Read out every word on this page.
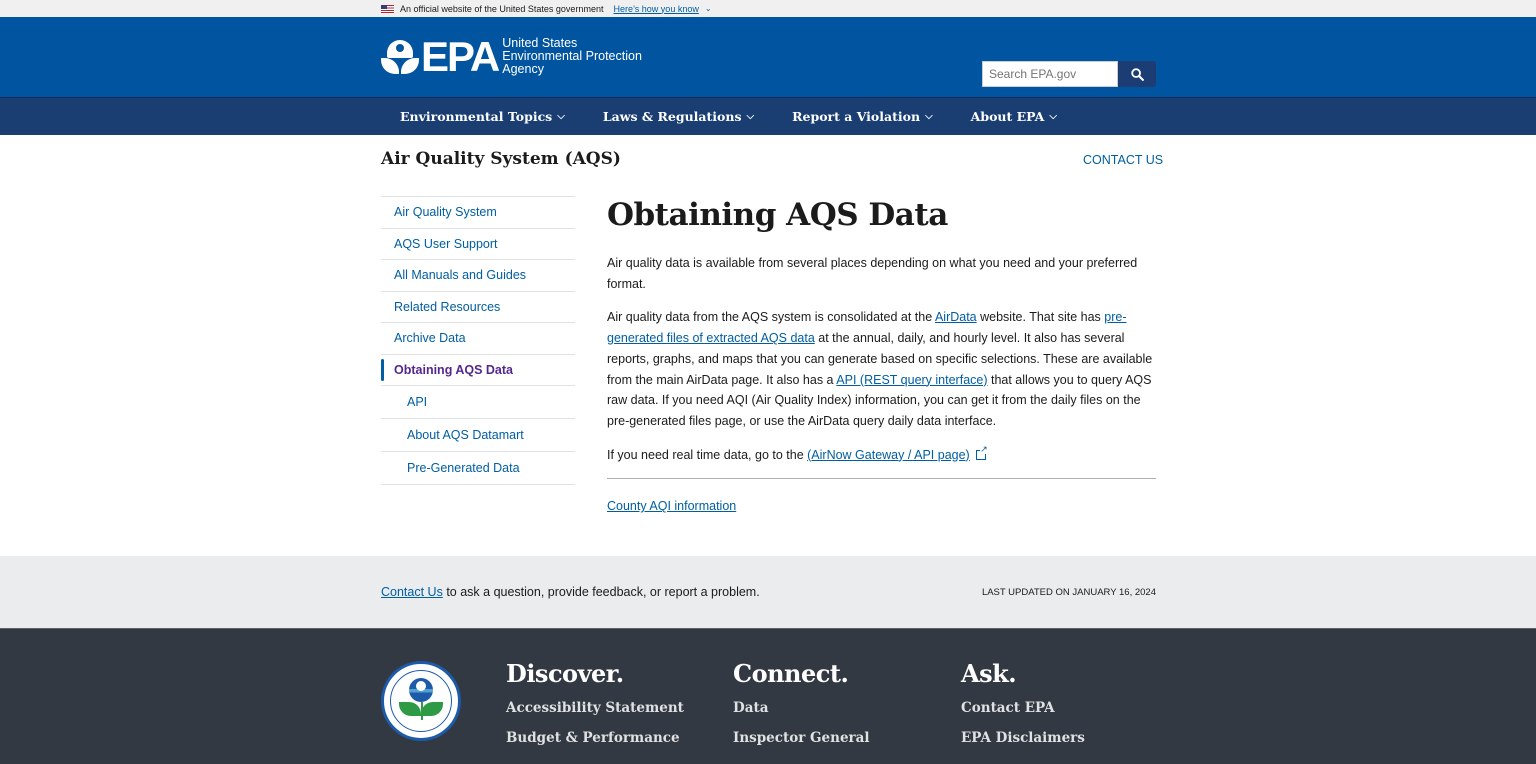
An official website of the United States government Here’s how you know ⌄
EPA United States
Environmental Protection
Agency
Search EPA.gov
Environmental Topics ⌵	Laws & Regulations ⌵	Report a Violation ⌵	About EPA ⌵
Air Quality System (AQS)	CONTACT US
Air Quality System
AQS User Support
All Manuals and Guides
Related Resources
Archive Data
Obtaining AQS Data
API
About AQS Datamart
Pre-Generated Data
Obtaining AQS Data

Air quality data is available from several places depending on what you need and your preferred format.

Air quality data from the AQS system is consolidated at the AirData website. That site has pre-generated files of extracted AQS data at the annual, daily, and hourly level. It also has several reports, graphs, and maps that you can generate based on specific selections. These are available from the main AirData page. It also has a API (REST query interface) that allows you to query AQS raw data. If you need AQI (Air Quality Index) information, you can get it from the daily files on the pre-generated files page, or use the AirData query daily data interface.

If you need real time data, go to the (AirNow Gateway / API page)↗

County AQI information
Contact Us to ask a question, provide feedback, or report a problem.	LAST UPDATED ON JANUARY 16, 2024
Discover.
Accessibility Statement
Budget & Performance
Connect.
Data
Inspector General
Ask.
Contact EPA
EPA Disclaimers
